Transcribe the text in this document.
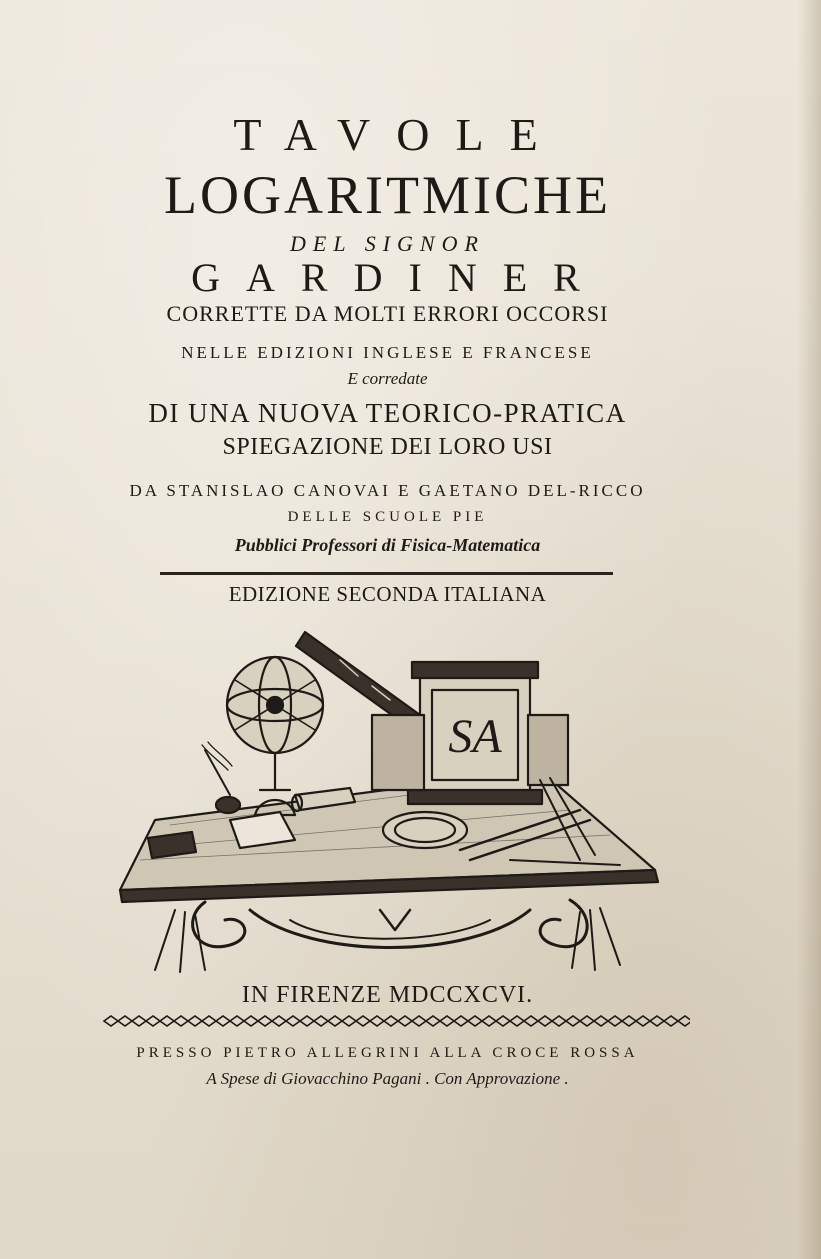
TAVOLE
LOGARITMICHE
DEL SIGNOR
GARDINER
CORRETTE DA MOLTI ERRORI OCCORSI
NELLE EDIZIONI INGLESE E FRANCESE
E corredate
DI UNA NUOVA TEORICO-PRATICA
SPIEGAZIONE DEI LORO USI
DA STANISLAO CANOVAI E GAETANO DEL-RICCO
DELLE SCUOLE PIE
Pubblici Professori di Fisica-Matematica
EDIZIONE SECONDA ITALIANA
SA
IN FIRENZE MDCCXCVI.
PRESSO PIETRO ALLEGRINI ALLA CROCE ROSSA
A Spese di Giovacchino Pagani . Con Approvazione .
